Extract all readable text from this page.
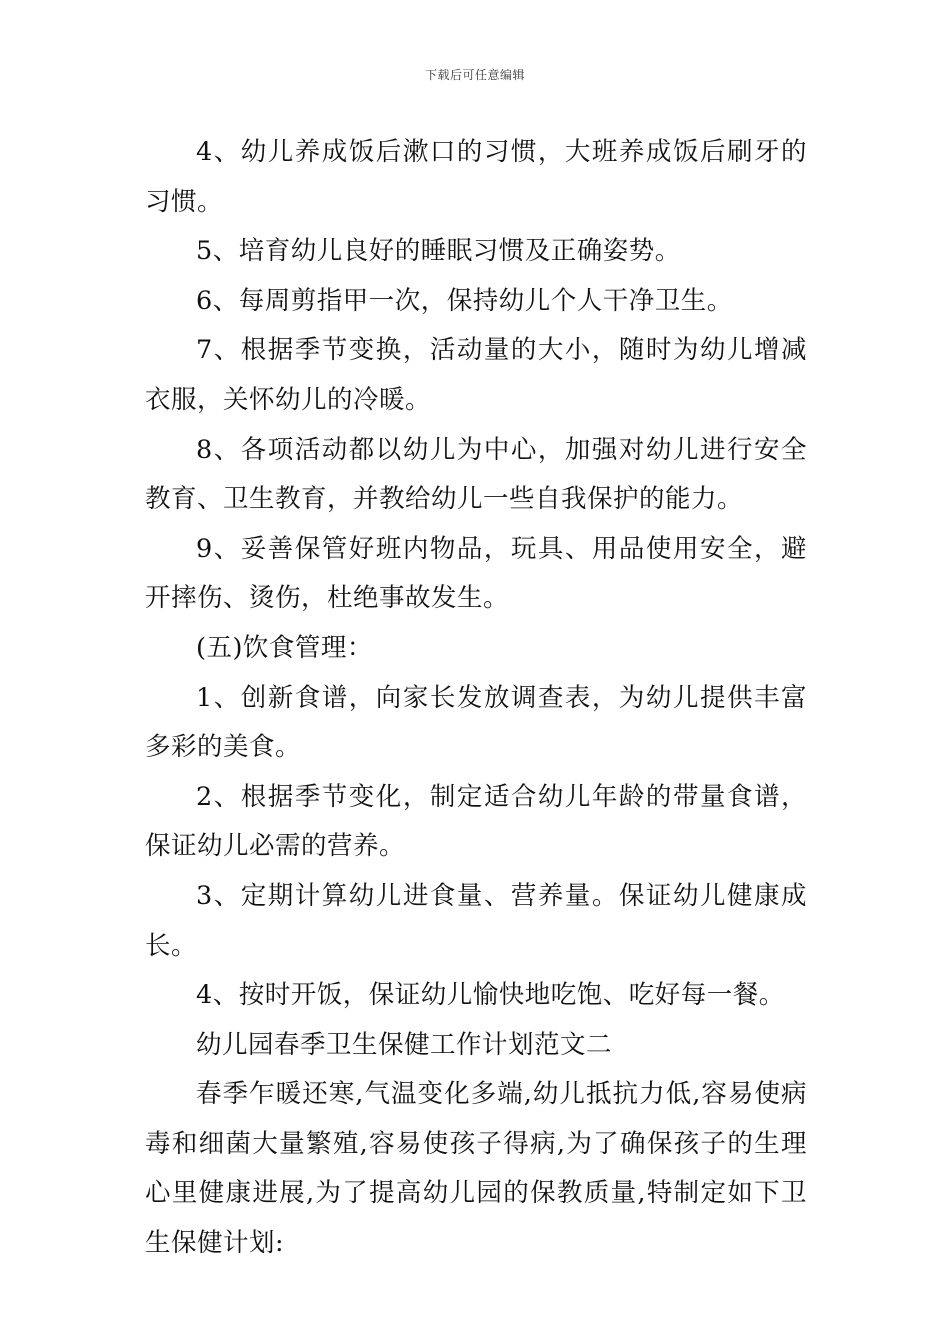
下载后可任意编辑

4、幼儿养成饭后漱口的习惯，大班养成饭后刷牙的习惯。

5、培育幼儿良好的睡眠习惯及正确姿势。

6、每周剪指甲一次，保持幼儿个人干净卫生。

7、根据季节变换，活动量的大小，随时为幼儿增减衣服，关怀幼儿的冷暖。

8、各项活动都以幼儿为中心，加强对幼儿进行安全教育、卫生教育，并教给幼儿一些自我保护的能力。

9、妥善保管好班内物品，玩具、用品使用安全，避开摔伤、烫伤，杜绝事故发生。

(五)饮食管理：

1、创新食谱，向家长发放调查表，为幼儿提供丰富多彩的美食。

2、根据季节变化，制定适合幼儿年龄的带量食谱，保证幼儿必需的营养。

3、定期计算幼儿进食量、营养量。保证幼儿健康成长。

4、按时开饭，保证幼儿愉快地吃饱、吃好每一餐。

幼儿园春季卫生保健工作计划范文二

春季乍暖还寒,气温变化多端,幼儿抵抗力低,容易使病毒和细菌大量繁殖,容易使孩子得病,为了确保孩子的生理心里健康进展,为了提高幼儿园的保教质量,特制定如下卫生保健计划:
